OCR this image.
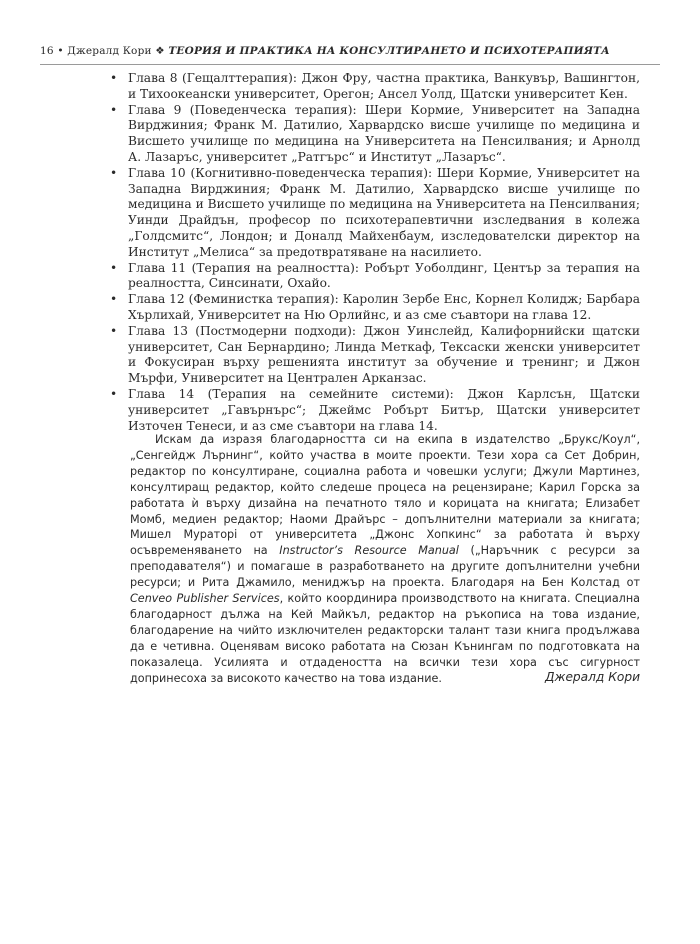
16 • Джералд Кори ❖ ТЕОРИЯ И ПРАКТИКА НА КОНСУЛТИРАНЕТО И ПСИХОТЕРАПИЯТА
• Глава 8 (Гещалттерапия): Джон Фру, частна практика, Ванкувър, Вашингтон, и Тихоокеански университет, Орегон; Ансел Уолд, Щатски университет Кен.
• Глава 9 (Поведенческа терапия): Шери Кормие, Университет на Западна Вирджиния; Франк М. Датилио, Харвардско висше училище по медицина и Висшето училище по медицина на Университета на Пенсилвания; и Арнолд А. Лазаръс, университет „Ратгърс“ и Институт „Лазаръс“.
• Глава 10 (Когнитивно-поведенческа терапия): Шери Кормие, Университет на Западна Вирджиния; Франк М. Датилио, Харвардско висше училище по медицина и Висшето училище по медицина на Университета на Пенсилвания; Уинди Драйдън, професор по психотерапевтични изследвания в колежа „Голдсмитс“, Лондон; и Доналд Майхенбаум, изследователски директор на Институт „Мелиса“ за предотвратяване на насилието.
• Глава 11 (Терапия на реалността): Робърт Уоболдинг, Център за терапия на реалността, Синсинати, Охайо.
• Глава 12 (Феминистка терапия): Каролин Зербе Енс, Корнел Колидж; Барбара Хърлихай, Университет на Ню Орлийнс, и аз сме съавтори на глава 12.
• Глава 13 (Постмодерни подходи): Джон Уинслейд, Калифорнийски щатски университет, Сан Бернардино; Линда Меткаф, Тексаски женски университет и Фокусиран върху решенията институт за обучение и тренинг; и Джон Мърфи, Университет на Централен Арканзас.
• Глава 14 (Терапия на семейните системи): Джон Карлсън, Щатски университет „Гавърнърс“; Джеймс Робърт Битър, Щатски университет Източен Тенеси, и аз сме съавтори на глава 14.

Искам да изразя благодарността си на екипа в издателство „Брукс/Коул“, „Сенгейдж Лърнинг“, който участва в моите проекти. Тези хора са Сет Добрин, редактор по консултиране, социална работа и човешки услуги; Джули Мартинез, консултиращ редактор, който следеше процеса на рецензиране; Карил Горска за работата ѝ върху дизайна на печатното тяло и корицата на книгата; Елизабет Момб, медиен редактор; Наоми Драйърс – допълнителни материали за книгата; Мишел Мураторi от университета „Джонс Хопкинс“ за работата ѝ върху осъвременяването на Instructor’s Resource Manual („Наръчник с ресурси за преподавателя“) и помагаше в разработването на другите допълнителни учебни ресурси; и Рита Джамило, мениджър на проекта. Благодаря на Бен Колстад от Cenveo Publisher Services, който координира производството на книгата. Специална благодарност дължа на Кей Майкъл, редактор на ръкописа на това издание, благодарение на чийто изключителен редакторски талант тази книга продължава да е четивна. Оценявам високо работата на Сюзан Кънингам по подготовката на показалеца. Усилията и отдадеността на всички тези хора със сигурност допринесоха за високото качество на това издание.	Джералд Кори
